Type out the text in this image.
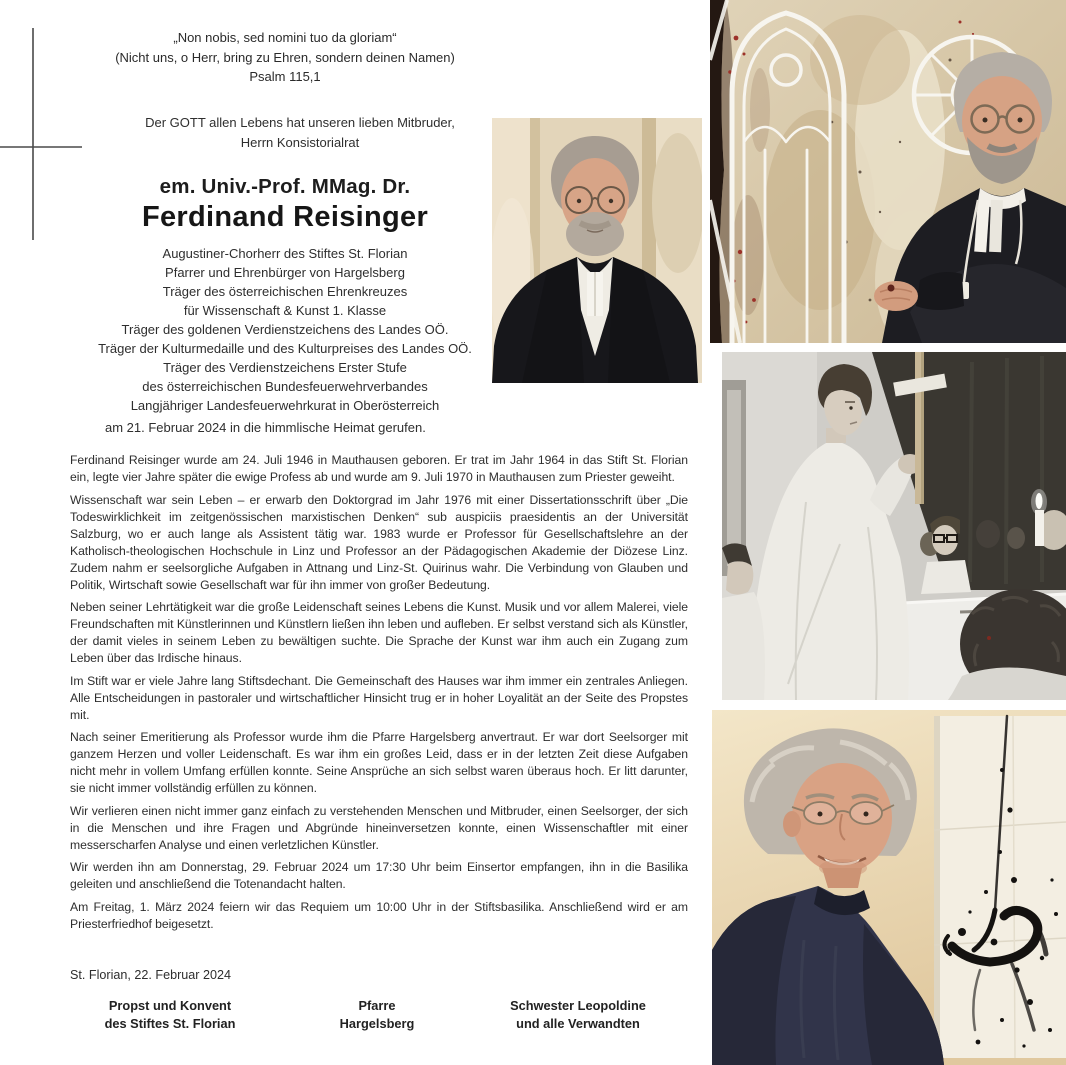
„Non nobis, sed nomini tuo da gloriam“
(Nicht uns, o Herr, bring zu Ehren, sondern deinen Namen)
Psalm 115,1
Der GOTT allen Lebens hat unseren lieben Mitbruder,
Herrn Konsistorialrat
em. Univ.-Prof. MMag. Dr.
Ferdinand Reisinger
Augustiner-Chorherr des Stiftes St. Florian
Pfarrer und Ehrenbürger von Hargelsberg
Träger des österreichischen Ehrenkreuzes
für Wissenschaft & Kunst 1. Klasse
Träger des goldenen Verdienstzeichens des Landes OÖ.
Träger der Kulturmedaille und des Kulturpreises des Landes OÖ.
Träger des Verdienstzeichens Erster Stufe
des österreichischen Bundesfeuerwehrverbandes
Langjähriger Landesfeuerwehrkurat in Oberösterreich
am 21. Februar 2024 in die himmlische Heimat gerufen.

Ferdinand Reisinger wurde am 24. Juli 1946 in Mauthausen geboren. Er trat im Jahr 1964 in das Stift St. Florian ein, legte vier Jahre später die ewige Profess ab und wurde am 9. Juli 1970 in Mauthausen zum Priester geweiht.

Wissenschaft war sein Leben – er erwarb den Doktorgrad im Jahr 1976 mit einer Dissertationsschrift über „Die Todeswirklichkeit im zeitgenössischen marxistischen Denken“ sub auspiciis praesidentis an der Universität Salzburg, wo er auch lange als Assistent tätig war. 1983 wurde er Professor für Gesellschaftslehre an der Katholisch-theologischen Hochschule in Linz und Professor an der Pädagogischen Akademie der Diözese Linz. Zudem nahm er seelsorgliche Aufgaben in Attnang und Linz-St. Quirinus wahr. Die Verbindung von Glauben und Politik, Wirtschaft sowie Gesellschaft war für ihn immer von großer Bedeutung.

Neben seiner Lehrtätigkeit war die große Leidenschaft seines Lebens die Kunst. Musik und vor allem Malerei, viele Freundschaften mit Künstlerinnen und Künstlern ließen ihn leben und aufleben. Er selbst verstand sich als Künstler, der damit vieles in seinem Leben zu bewältigen suchte. Die Sprache der Kunst war ihm auch ein Zugang zum Leben über das Irdische hinaus.

Im Stift war er viele Jahre lang Stiftsdechant. Die Gemeinschaft des Hauses war ihm immer ein zentrales Anliegen. Alle Entscheidungen in pastoraler und wirtschaftlicher Hinsicht trug er in hoher Loyalität an der Seite des Propstes mit.

Nach seiner Emeritierung als Professor wurde ihm die Pfarre Hargelsberg anvertraut. Er war dort Seelsorger mit ganzem Herzen und voller Leidenschaft. Es war ihm ein großes Leid, dass er in der letzten Zeit diese Aufgaben nicht mehr in vollem Umfang erfüllen konnte. Seine Ansprüche an sich selbst waren überaus hoch. Er litt darunter, sie nicht immer vollständig erfüllen zu können.

Wir verlieren einen nicht immer ganz einfach zu verstehenden Menschen und Mitbruder, einen Seelsorger, der sich in die Menschen und ihre Fragen und Abgründe hineinversetzen konnte, einen Wissenschaftler mit einer messerscharfen Analyse und einen verletzlichen Künstler.

Wir werden ihn am Donnerstag, 29. Februar 2024 um 17:30 Uhr beim Einsertor empfangen, ihn in die Basilika geleiten und anschließend die Totenandacht halten.

Am Freitag, 1. März 2024 feiern wir das Requiem um 10:00 Uhr in der Stiftsbasilika. Anschließend wird er am Priesterfriedhof beigesetzt.

St. Florian, 22. Februar 2024
Propst und Konvent
des Stiftes St. Florian
Pfarre
Hargelsberg
Schwester Leopoldine
und alle Verwandten
